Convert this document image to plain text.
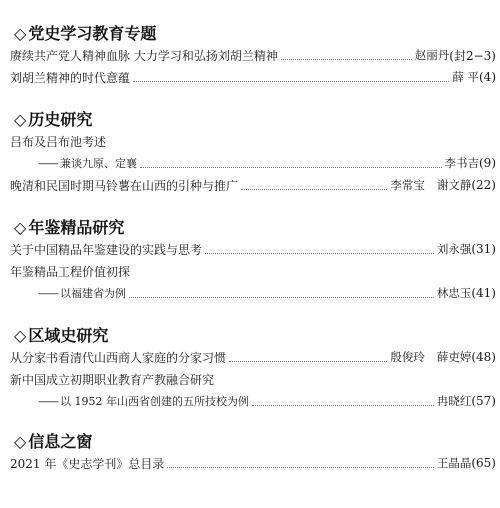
◇ 党史学习教育专题
赓续共产党人精神血脉 大力学习和弘扬刘胡兰精神	赵丽丹 (封2−3)
刘胡兰精神的时代意蕴	薛 平 (4)
◇ 历史研究
吕布及吕布池考述
—— 兼谈九原、定襄	李书吉 (9)
晚清和民国时期马铃薯在山西的引种与推广	李常宝 谢文静 (22)
◇ 年鉴精品研究
关于中国精品年鉴建设的实践与思考	刘永强 (31)
年鉴精品工程价值初探
—— 以福建省为例	林忠玉 (41)
◇ 区域史研究
从分家书看清代山西商人家庭的分家习惯	殷俊玲 薛吏婷 (48)
新中国成立初期职业教育产教融合研究
—— 以 1952 年山西省创建的五所技校为例	冉晓红 (57)
◇ 信息之窗
2021 年《史志学刊》总目录	王晶晶 (65)
